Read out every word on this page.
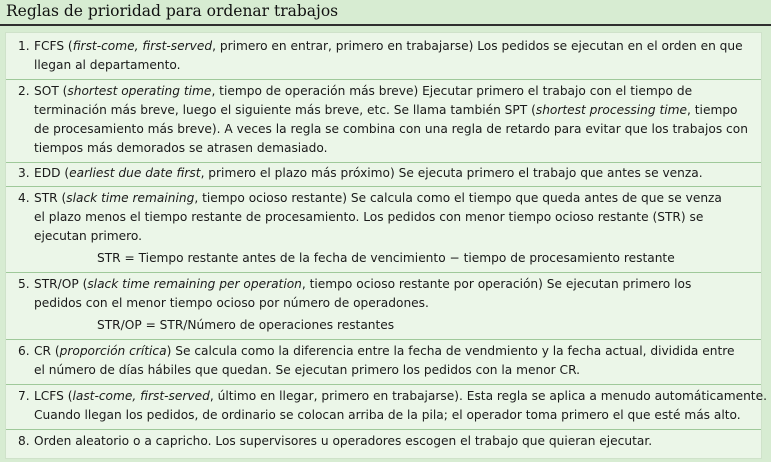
Reglas de prioridad para ordenar trabajos
1. FCFS (first-come, first-served, primero en entrar, primero en trabajarse) Los pedidos se ejecutan en el orden en que
llegan al departamento.
2. SOT (shortest operating time, tiempo de operación más breve) Ejecutar primero el trabajo con el tiempo de
terminación más breve, luego el siguiente más breve, etc. Se llama también SPT (shortest processing time, tiempo
de procesamiento más breve). A veces la regla se combina con una regla de retardo para evitar que los trabajos con
tiempos más demorados se atrasen demasiado.
3. EDD (earliest due date first, primero el plazo más próximo) Se ejecuta primero el trabajo que antes se venza.
4. STR (slack time remaining, tiempo ocioso restante) Se calcula como el tiempo que queda antes de que se venza
el plazo menos el tiempo restante de procesamiento. Los pedidos con menor tiempo ocioso restante (STR) se
ejecutan primero.
STR = Tiempo restante antes de la fecha de vencimiento − tiempo de procesamiento restante
5. STR/OP (slack time remaining per operation, tiempo ocioso restante por operación) Se ejecutan primero los
pedidos con el menor tiempo ocioso por número de operadones.
STR/OP = STR/Número de operaciones restantes
6. CR (proporción crítica) Se calcula como la diferencia entre la fecha de vendmiento y la fecha actual, dividida entre
el número de días hábiles que quedan. Se ejecutan primero los pedidos con la menor CR.
7. LCFS (last-come, first-served, último en llegar, primero en trabajarse). Esta regla se aplica a menudo automáticamente.
Cuando llegan los pedidos, de ordinario se colocan arriba de la pila; el operador toma primero el que esté más alto.
8. Orden aleatorio o a capricho. Los supervisores u operadores escogen el trabajo que quieran ejecutar.
